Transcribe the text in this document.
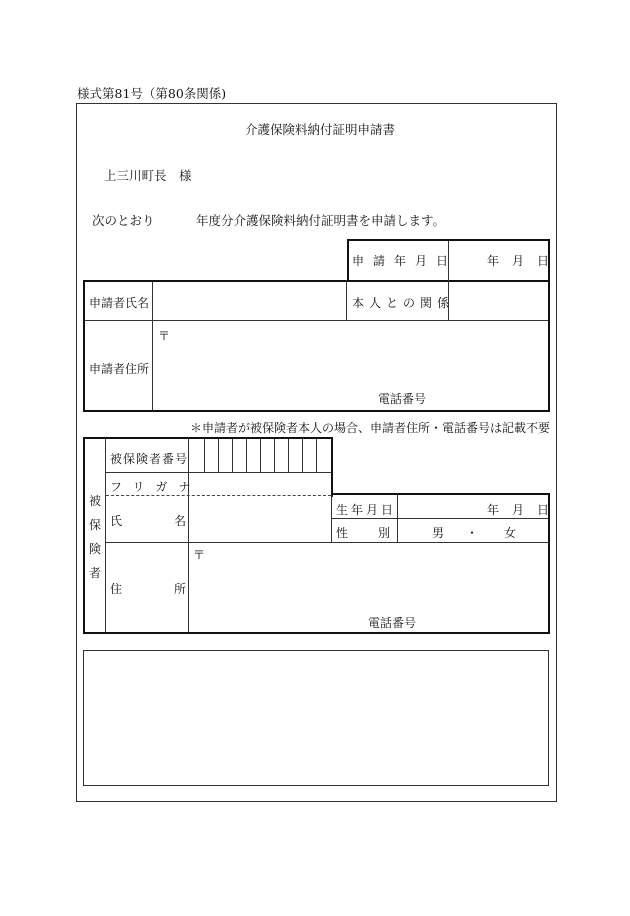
様式第81号（第80条関係)
介護保険料納付証明申請書
上三川町長　様
次のとおり	年度分介護保険料納付証明書を申請します。
申請年月日 年 月 日
申請者氏名	本人との関係
申請者住所
〒
電話番号
＊申請者が被保険者本人の場合、申請者住所・電話番号は記載不要
被
保
険
者
被保険者番号
フリガナ
氏	名
生年月日	年 月 日
性別 男 ・ 女
住	所
〒
電話番号
